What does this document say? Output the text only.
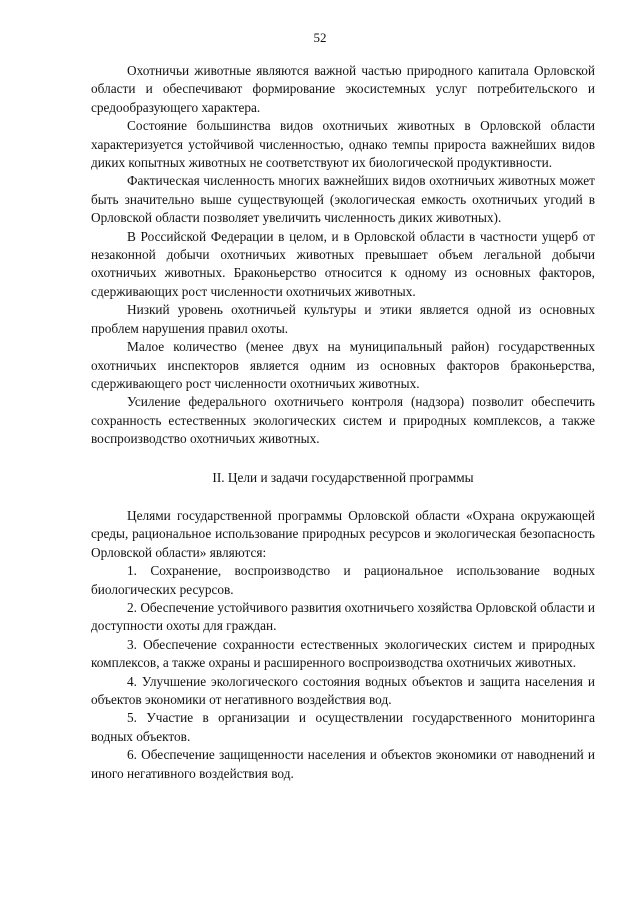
52

Охотничьи животные являются важной частью природного капитала Орловской области и обеспечивают формирование экосистемных услуг потребительского и средообразующего характера.

Состояние большинства видов охотничьих животных в Орловской области характеризуется устойчивой численностью, однако темпы прироста важнейших видов диких копытных животных не соответствуют их биологической продуктивности.

Фактическая численность многих важнейших видов охотничьих животных может быть значительно выше существующей (экологическая емкость охотничьих угодий в Орловской области позволяет увеличить численность диких животных).

В Российской Федерации в целом, и в Орловской области в частности ущерб от незаконной добычи охотничьих животных превышает объем легальной добычи охотничьих животных. Браконьерство относится к одному из основных факторов, сдерживающих рост численности охотничьих животных.

Низкий уровень охотничьей культуры и этики является одной из основных проблем нарушения правил охоты.

Малое количество (менее двух на муниципальный район) государственных охотничьих инспекторов является одним из основных факторов браконьерства, сдерживающего рост численности охотничьих животных.

Усиление федерального охотничьего контроля (надзора) позволит обеспечить сохранность естественных экологических систем и природных комплексов, а также воспроизводство охотничьих животных.

II. Цели и задачи государственной программы

Целями государственной программы Орловской области «Охрана окружающей среды, рациональное использование природных ресурсов и экологическая безопасность Орловской области» являются:

1. Сохранение, воспроизводство и рациональное использование водных биологических ресурсов.

2. Обеспечение устойчивого развития охотничьего хозяйства Орловской области и доступности охоты для граждан.

3. Обеспечение сохранности естественных экологических систем и природных комплексов, а также охраны и расширенного воспроизводства охотничьих животных.

4. Улучшение экологического состояния водных объектов и защита населения и объектов экономики от негативного воздействия вод.

5. Участие в организации и осуществлении государственного мониторинга водных объектов.

6. Обеспечение защищенности населения и объектов экономики от наводнений и иного негативного воздействия вод.
